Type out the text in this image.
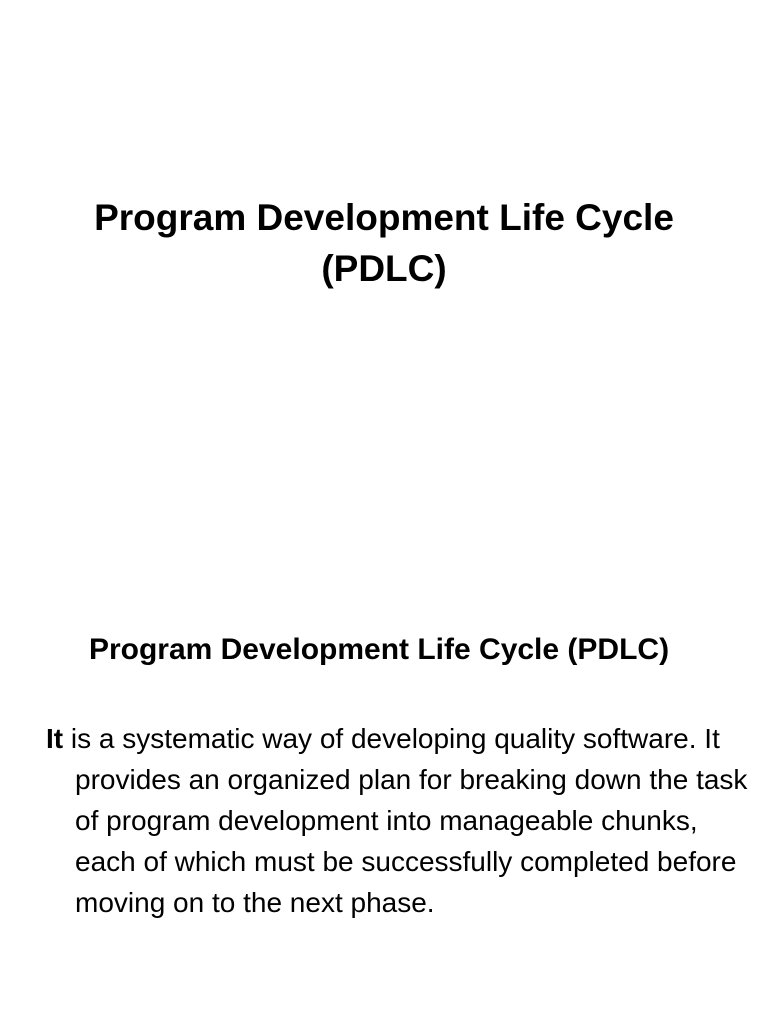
Program Development Life Cycle
(PDLC)
Program Development Life Cycle (PDLC)

It is a systematic way of developing quality software. It provides an organized plan for breaking down the task of program development into manageable chunks, each of which must be successfully completed before moving on to the next phase.
